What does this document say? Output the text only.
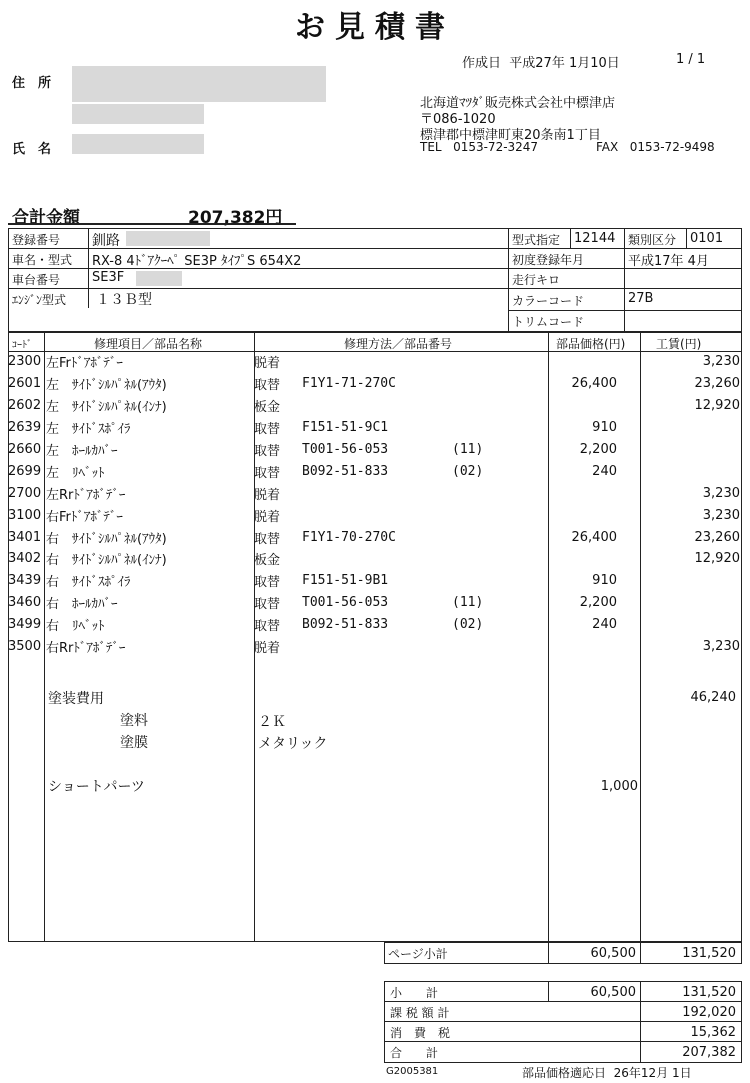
お見積書
作成日 平成27年 1月10日	1 / 1
住　所
氏　名
北海道ﾏﾂﾀﾞ販売株式会社中標津店
〒086-1020
標津郡中標津町東20条南1丁目
TEL 0153-72-3247	FAX 0153-72-9498
合計金額	207,382円
登録番号 釧路
車名・型式 RX-8 4ﾄﾞｱｸｰﾍﾟ SE3P ﾀｲﾌﾟS 654X2
車台番号 SE3F
ｴﾝｼﾞﾝ型式 １３Ｂ型
型式指定 12144 類別区分 0101
初度登録年月	平成17年 4月
走行キロ
カラーコード	27B
トリムコード
ｺｰﾄﾞ	修理項目／部品名称	修理方法／部品番号	部品価格(円)	工賃(円)
2300	左Frﾄﾞｱﾎﾞﾃﾞｰ	脱着				3,230
2601	左　ｻｲﾄﾞｼﾙﾊﾟﾈﾙ(ｱｳﾀ)	取替	F1Y1-71-270C		26,400	23,260
2602	左　ｻｲﾄﾞｼﾙﾊﾟﾈﾙ(ｲﾝﾅ)	板金				12,920
2639	左　ｻｲﾄﾞｽﾎﾟｲﾗ	取替	F151-51-9C1		910	
2660	左　ﾎｰﾙｶﾊﾞｰ	取替	T001-56-053	(11)	2,200	
2699	左　ﾘﾍﾞｯﾄ	取替	B092-51-833	(02)	240	
2700	左Rrﾄﾞｱﾎﾞﾃﾞｰ	脱着				3,230
3100	右Frﾄﾞｱﾎﾞﾃﾞｰ	脱着				3,230
3401	右　ｻｲﾄﾞｼﾙﾊﾟﾈﾙ(ｱｳﾀ)	取替	F1Y1-70-270C		26,400	23,260
3402	右　ｻｲﾄﾞｼﾙﾊﾟﾈﾙ(ｲﾝﾅ)	板金				12,920
3439	右　ｻｲﾄﾞｽﾎﾟｲﾗ	取替	F151-51-9B1		910	
3460	右　ﾎｰﾙｶﾊﾞｰ	取替	T001-56-053	(11)	2,200	
3499	右　ﾘﾍﾞｯﾄ	取替	B092-51-833	(02)	240	
3500	右Rrﾄﾞｱﾎﾞﾃﾞｰ	脱着				3,230
塗装費用	46,240
塗料	２Ｋ
塗膜	メタリック
ショートパーツ	1,000
ページ小計	60,500	131,520
小　　計	60,500	131,520
課 税 額 計	192,020
消　費　税	15,362
合　　計	207,382
G2005381	部品価格適応日 26年12月 1日
